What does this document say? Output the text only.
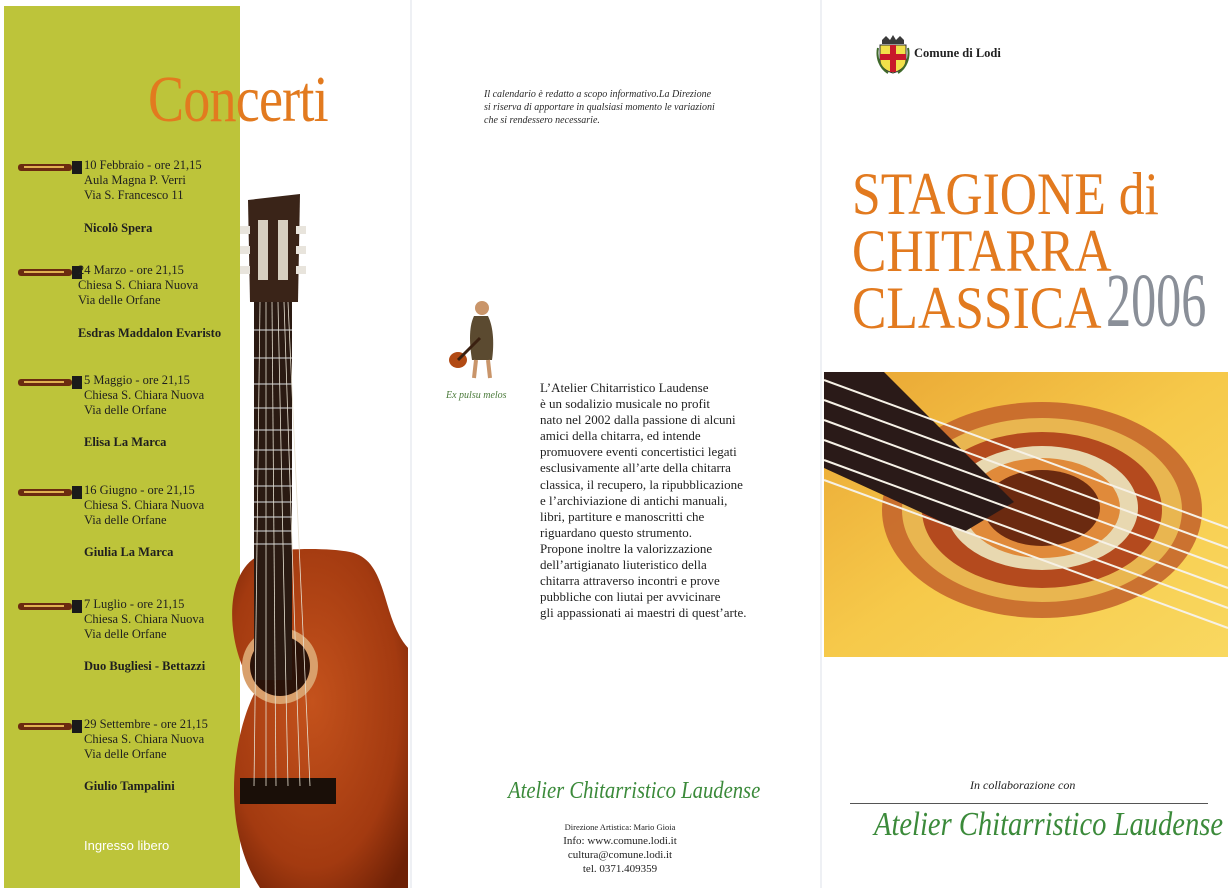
Concerti
10 Febbraio - ore 21,15
Aula Magna P. Verri
Via S. Francesco 11
Nicolò Spera
24 Marzo - ore 21,15
Chiesa S. Chiara Nuova
Via delle Orfane
Esdras Maddalon Evaristo
5 Maggio - ore 21,15
Chiesa S. Chiara Nuova
Via delle Orfane
Elisa La Marca
16 Giugno - ore 21,15
Chiesa S. Chiara Nuova
Via delle Orfane
Giulia La Marca
7 Luglio - ore 21,15
Chiesa S. Chiara Nuova
Via delle Orfane
Duo Bugliesi - Bettazzi
29 Settembre - ore 21,15
Chiesa S. Chiara Nuova
Via delle Orfane
Giulio Tampalini
Ingresso libero
Il calendario è redatto a scopo informativo.La Direzione
si riserva di apportare in qualsiasi momento le variazioni
che si rendessero necessarie.
Ex pulsu melos
L’Atelier Chitarristico Laudense
è un sodalizio musicale no profit
nato nel 2002 dalla passione di alcuni
amici della chitarra, ed intende
promuovere eventi concertistici legati
esclusivamente all’arte della chitarra
classica, il recupero, la ripubblicazione
e l’archiviazione di antichi manuali,
libri, partiture e manoscritti che
riguardano questo strumento.
Propone inoltre la valorizzazione
dell’artigianato liuteristico della
chitarra attraverso incontri e prove
pubbliche con liutai per avvicinare
gli appassionati ai maestri di quest’arte.
Atelier Chitarristico Laudense
Direzione Artistica: Mario Gioia
Info: www.comune.lodi.it
cultura@comune.lodi.it
tel. 0371.409359
Comune di Lodi
STAGIONE di
CHITARRA
CLASSICA 2006
In collaborazione con
Atelier Chitarristico Laudense
